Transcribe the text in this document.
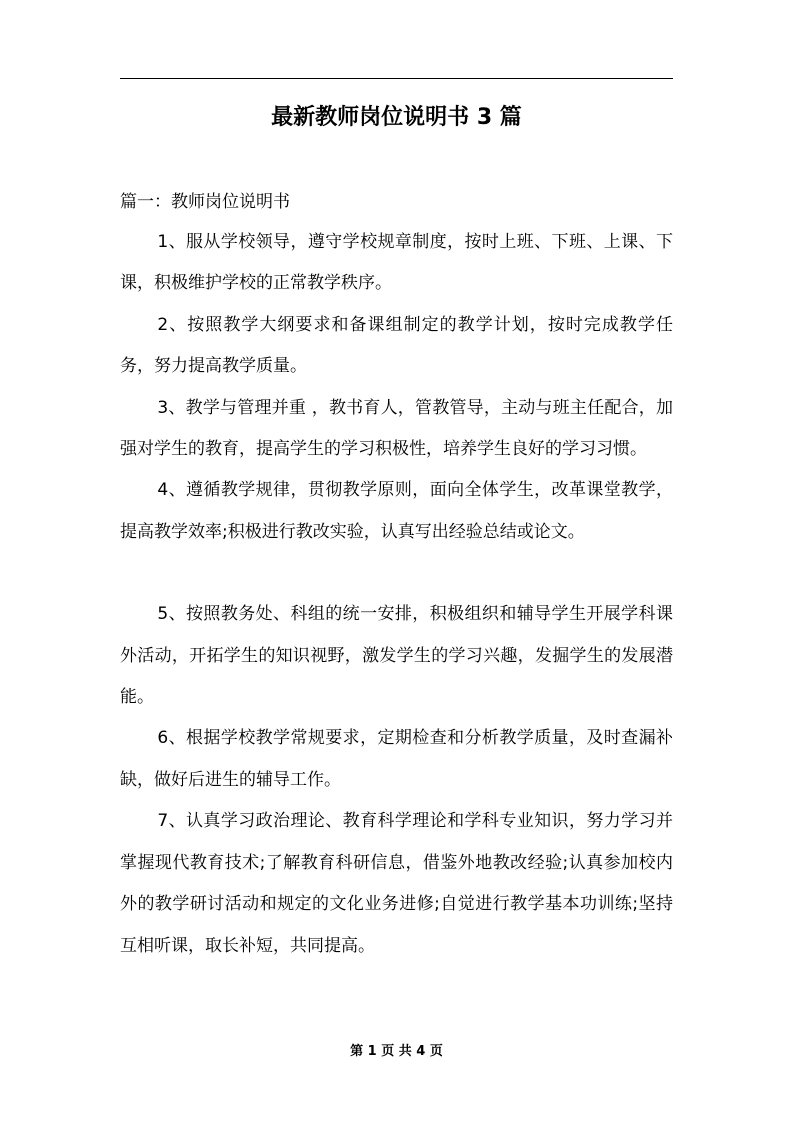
最新教师岗位说明书 3 篇

篇一：教师岗位说明书

1、服从学校领导，遵守学校规章制度，按时上班、下班、上课、下课，积极维护学校的正常教学秩序。

2、按照教学大纲要求和备课组制定的教学计划，按时完成教学任务，努力提高教学质量。

3、教学与管理并重 ，教书育人，管教管导，主动与班主任配合，加强对学生的教育，提高学生的学习积极性，培养学生良好的学习习惯。

4、遵循教学规律，贯彻教学原则，面向全体学生，改革课堂教学，提高教学效率;积极进行教改实验，认真写出经验总结或论文。

5、按照教务处、科组的统一安排，积极组织和辅导学生开展学科课外活动，开拓学生的知识视野，激发学生的学习兴趣，发掘学生的发展潜能。

6、根据学校教学常规要求，定期检查和分析教学质量，及时查漏补缺，做好后进生的辅导工作。

7、认真学习政治理论、教育科学理论和学科专业知识，努力学习并掌握现代教育技术;了解教育科研信息，借鉴外地教改经验;认真参加校内外的教学研讨活动和规定的文化业务进修;自觉进行教学基本功训练;坚持互相听课，取长补短，共同提高。

第 1 页 共 4 页
